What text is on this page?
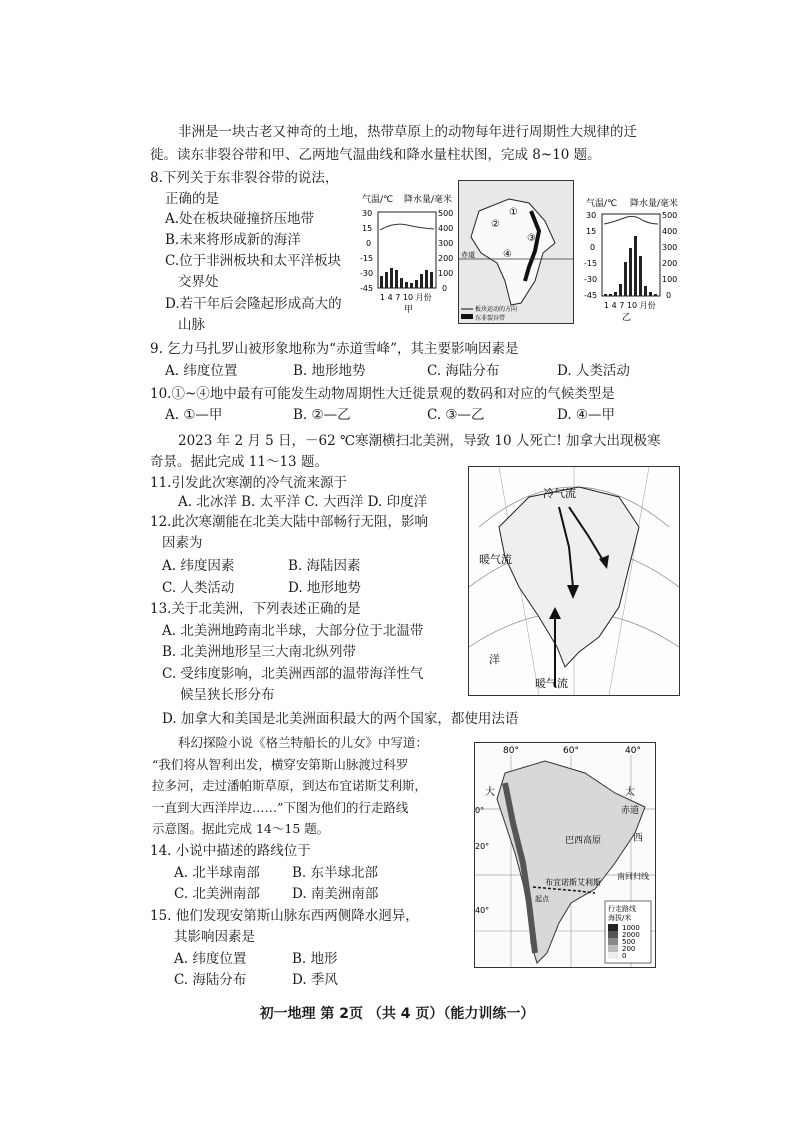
非洲是一块古老又神奇的土地，热带草原上的动物每年进行周期性大规律的迁
徙。读东非裂谷带和甲、乙两地气温曲线和降水量柱状图，完成 8~10 题。
8.下列关于东非裂谷带的说法，
正确的是
A.处在板块碰撞挤压地带
B.未来将形成新的海洋
C.位于非洲板块和太平洋板块
交界处
D.若干年后会隆起形成高大的
山脉
气温/℃ 降水量/毫米
30
15
0
-15
-30
-45
500
400
300
200
100
0
1 4 7 10 月份
甲
赤道
①
②
③
④
板块运动的方向
东非裂谷带
气温/℃ 降水量/毫米
30
15
0
-15
-30
-45
500
400
300
200
100
0
1 4 7 10 月份
乙
9. 乞力马扎罗山被形象地称为“赤道雪峰”，其主要影响因素是
A. 纬度位置	B. 地形地势	C. 海陆分布	D. 人类活动
10.①~④地中最有可能发生动物周期性大迁徙景观的数码和对应的气候类型是
A. ①—甲	B. ②—乙	C. ③—乙	D. ④—甲
2023 年 2 月 5 日，－62 ℃寒潮横扫北美洲，导致 10 人死亡! 加拿大出现极寒
奇景。据此完成 11～13 题。
11.引发此次寒潮的冷气流来源于
A. 北冰洋 B. 太平洋 C. 大西洋 D. 印度洋
12.此次寒潮能在北美大陆中部畅行无阻，影响
因素为
A. 纬度因素	B. 海陆因素
C. 人类活动	D. 地形地势
13.关于北美洲，下列表述正确的是
A. 北美洲地跨南北半球，大部分位于北温带
B. 北美洲地形呈三大南北纵列带
C. 受纬度影响，北美洲西部的温带海洋性气
候呈狭长形分布
D. 加拿大和美国是北美洲面积最大的两个国家，都使用法语
冷气流
暖气流
暖气流
洋
科幻探险小说《格兰特船长的儿女》中写道：
“我们将从智利出发，横穿安第斯山脉渡过科罗
拉多河，走过潘帕斯草原，到达布宜诺斯艾利斯，
一直到大西洋岸边……”下图为他们的行走路线
示意图。据此完成 14～15 题。
14. 小说中描述的路线位于
A. 北半球南部 B. 东半球北部
C. 北美洲南部 D. 南美洲南部
15. 他们发现安第斯山脉东西两侧降水迥异，
其影响因素是
A. 纬度位置	B. 地形
C. 海陆分布	D. 季风
80°	60°	40°
太
西
大
赤道
0°
20°
40°
巴西高原
南回归线
布宜诺斯艾利斯
起点
行走路线
海拔/米
1000
2000
500
200
0
初一地理 第 2页 （共 4 页）（能力训练一）
